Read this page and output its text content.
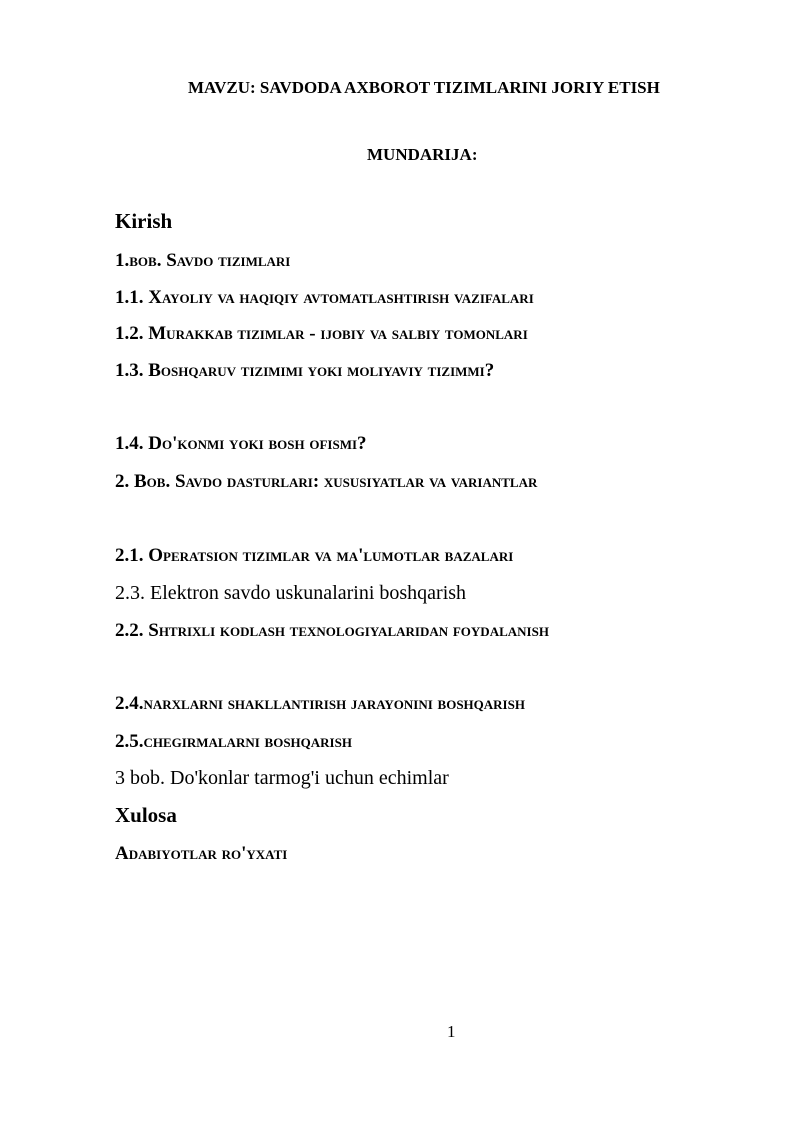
MAVZU: SAVDODA AXBOROT TIZIMLARINI JORIY ETISH
MUNDARIJA:
Kirish
1.bob. Savdo tizimlari
1.1. Xayoliy va haqiqiy avtomatlashtirish vazifalari
1.2. Murakkab tizimlar - ijobiy va salbiy tomonlari
1.3. Boshqaruv tizimimi yoki moliyaviy tizimmi?
1.4. Do'konmi yoki bosh ofismi?
2. Bob. Savdo dasturlari: xususiyatlar va variantlar
2.1. Operatsion tizimlar va ma'lumotlar bazalari
2.3. Elektron savdo uskunalarini boshqarish
2.2. Shtrixli kodlash texnologiyalaridan foydalanish
2.4.narxlarni shakllantirish jarayonini boshqarish
2.5.chegirmalarni boshqarish
3 bob. Do'konlar tarmog'i uchun echimlar
Xulosa
Adabiyotlar ro'yxati
1
